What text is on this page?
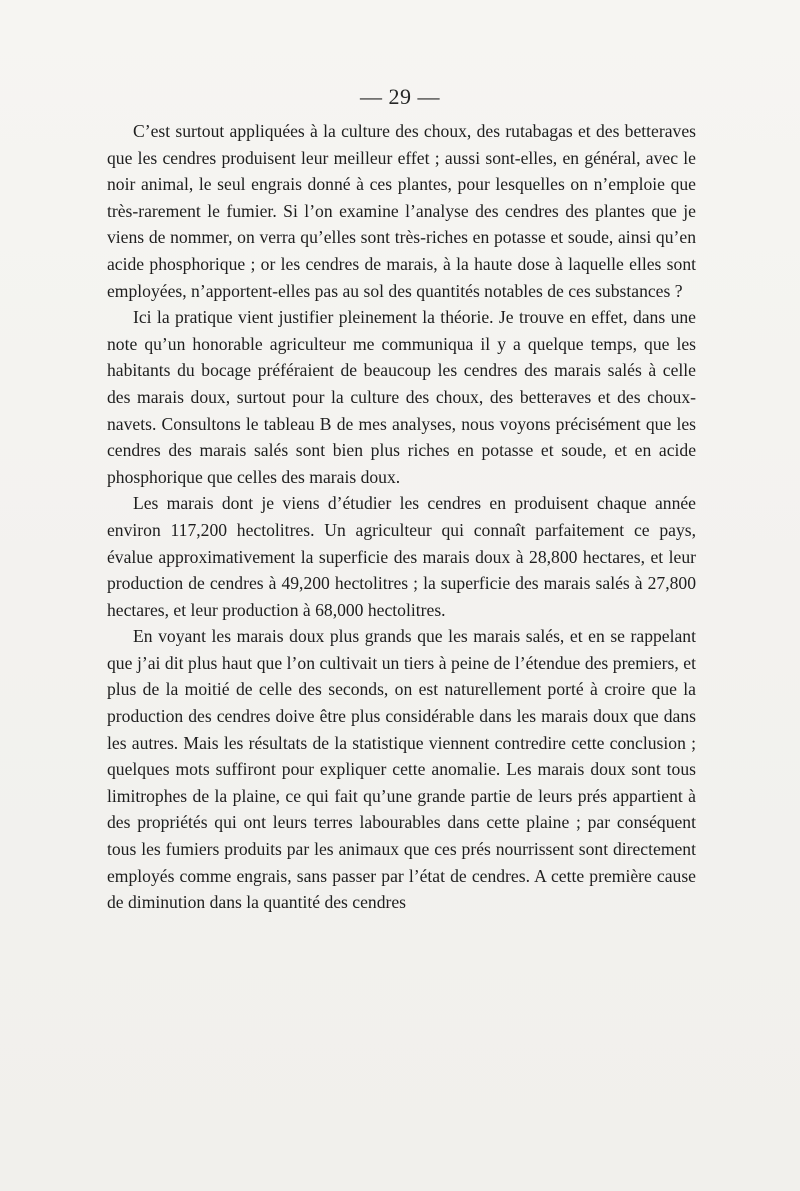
— 29 —

C’est surtout appliquées à la culture des choux, des rutabagas et des betteraves que les cendres produisent leur meilleur effet ; aussi sont-elles, en général, avec le noir animal, le seul engrais donné à ces plantes, pour lesquelles on n’emploie que très-rarement le fumier. Si l’on examine l’analyse des cendres des plantes que je viens de nommer, on verra qu’elles sont très-riches en potasse et soude, ainsi qu’en acide phosphorique ; or les cendres de marais, à la haute dose à laquelle elles sont employées, n’apportent-elles pas au sol des quantités notables de ces substances ?

Ici la pratique vient justifier pleinement la théorie. Je trouve en effet, dans une note qu’un honorable agriculteur me communiqua il y a quelque temps, que les habitants du bocage préféraient de beaucoup les cendres des marais salés à celle des marais doux, surtout pour la culture des choux, des betteraves et des choux-navets. Consultons le tableau B de mes analyses, nous voyons précisément que les cendres des marais salés sont bien plus riches en potasse et soude, et en acide phosphorique que celles des marais doux.

Les marais dont je viens d’étudier les cendres en produisent chaque année environ 117,200 hectolitres. Un agriculteur qui connaît parfaitement ce pays, évalue approximativement la superficie des marais doux à 28,800 hectares, et leur production de cendres à 49,200 hectolitres ; la superficie des marais salés à 27,800 hectares, et leur production à 68,000 hectolitres.

En voyant les marais doux plus grands que les marais salés, et en se rappelant que j’ai dit plus haut que l’on cultivait un tiers à peine de l’étendue des premiers, et plus de la moitié de celle des seconds, on est naturellement porté à croire que la production des cendres doive être plus considérable dans les marais doux que dans les autres. Mais les résultats de la statistique viennent contredire cette conclusion ; quelques mots suffiront pour expliquer cette anomalie. Les marais doux sont tous limitrophes de la plaine, ce qui fait qu’une grande partie de leurs prés appartient à des propriétés qui ont leurs terres labourables dans cette plaine ; par conséquent tous les fumiers produits par les animaux que ces prés nourrissent sont directement employés comme engrais, sans passer par l’état de cendres. A cette première cause de diminution dans la quantité des cendres
